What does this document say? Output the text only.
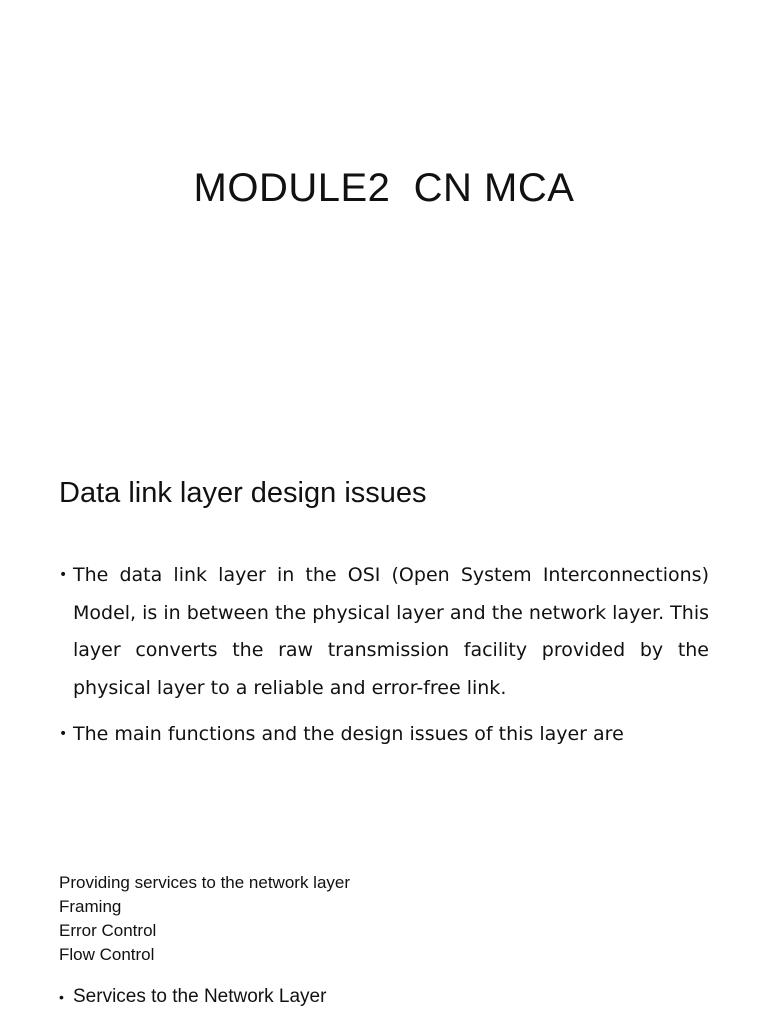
MODULE2  CN MCA
Data link layer design issues
• The data link layer in the OSI (Open System Interconnections) Model, is in between the physical layer and the network layer. This layer converts the raw transmission facility provided by the physical layer to a reliable and error-free link.
• The main functions and the design issues of this layer are
Providing services to the network layer
Framing
Error Control
Flow Control
• Services to the Network Layer
